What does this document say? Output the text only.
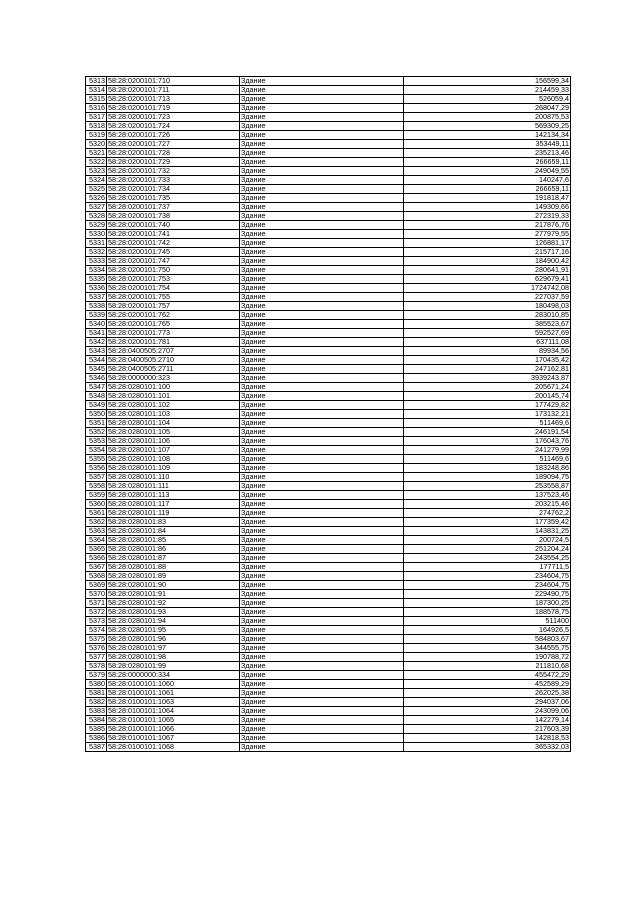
5313	58:28:0200101:710	Здание	156599,34
5314	58:28:0200101:711	Здание	214459,33
5315	58:28:0200101:713	Здание	526059,4
5316	58:28:0200101:719	Здание	268047,29
5317	58:28:0200101:723	Здание	200875,53
5318	58:28:0200101:724	Здание	569309,25
5319	58:28:0200101:726	Здание	142134,34
5320	58:28:0200101:727	Здание	353449,11
5321	58:28:0200101:728	Здание	235213,46
5322	58:28:0200101:729	Здание	266659,11
5323	58:28:0200101:732	Здание	249049,55
5324	58:28:0200101:733	Здание	140247,6
5325	58:28:0200101:734	Здание	266659,11
5326	58:28:0200101:735	Здание	191818,47
5327	58:28:0200101:737	Здание	149309,66
5328	58:28:0200101:738	Здание	272319,33
5329	58:28:0200101:740	Здание	217876,76
5330	58:28:0200101:741	Здание	277979,55
5331	58:28:0200101:742	Здание	126881,17
5332	58:28:0200101:745	Здание	215717,16
5333	58:28:0200101:747	Здание	184900,42
5334	58:28:0200101:750	Здание	280641,91
5335	58:28:0200101:753	Здание	629679,41
5336	58:28:0200101:754	Здание	1724742,08
5337	58:28:0200101:755	Здание	227037,59
5338	58:28:0200101:757	Здание	180498,03
5339	58:28:0200101:762	Здание	283010,85
5340	58:28:0200101:765	Здание	385523,67
5341	58:28:0200101:773	Здание	592527,69
5342	58:28:0200101:781	Здание	637111,08
5343	58:28:0400505:2707	Здание	89934,56
5344	58:28:0400505:2710	Здание	170435,42
5345	58:28:0400505:2711	Здание	247162,81
5346	58:28:0000000:323	Здание	3939243,87
5347	58:28:0280101:100	Здание	205671,24
5348	58:28:0280101:101	Здание	200145,74
5349	58:28:0280101:102	Здание	177429,82
5350	58:28:0280101:103	Здание	173132,21
5351	58:28:0280101:104	Здание	511469,6
5352	58:28:0280101:105	Здание	246191,54
5353	58:28:0280101:106	Здание	176043,76
5354	58:28:0280101:107	Здание	241279,99
5355	58:28:0280101:108	Здание	511469,6
5356	58:28:0280101:109	Здание	183248,86
5357	58:28:0280101:110	Здание	189094,75
5358	58:28:0280101:111	Здание	253558,87
5359	58:28:0280101:113	Здание	137523,46
5360	58:28:0280101:117	Здание	203215,46
5361	58:28:0280101:119	Здание	274762,2
5362	58:28:0280101:83	Здание	177359,42
5363	58:28:0280101:84	Здание	143831,25
5364	58:28:0280101:85	Здание	200724,5
5365	58:28:0280101:86	Здание	251204,24
5366	58:28:0280101:87	Здание	243554,25
5367	58:28:0280101:88	Здание	177711,5
5368	58:28:0280101:89	Здание	234604,75
5369	58:28:0280101:90	Здание	234604,75
5370	58:28:0280101:91	Здание	229490,75
5371	58:28:0280101:92	Здание	187300,25
5372	58:28:0280101:93	Здание	188578,75
5373	58:28:0280101:94	Здание	511400
5374	58:28:0280101:95	Здание	164926,5
5375	58:28:0280101:96	Здание	584803,67
5376	58:28:0280101:97	Здание	344555,75
5377	58:28:0280101:98	Здание	190788,72
5378	58:28:0280101:99	Здание	211810,68
5379	58:28:0000000:334	Здание	455472,29
5380	58:28:0100101:1060	Здание	452589,29
5381	58:28:0100101:1061	Здание	262025,38
5382	58:28:0100101:1063	Здание	294037,06
5383	58:28:0100101:1064	Здание	243099,06
5384	58:28:0100101:1065	Здание	142279,14
5385	58:28:0100101:1066	Здание	217603,39
5386	58:28:0100101:1067	Здание	142818,53
5387	58:28:0100101:1068	Здание	365332,03
